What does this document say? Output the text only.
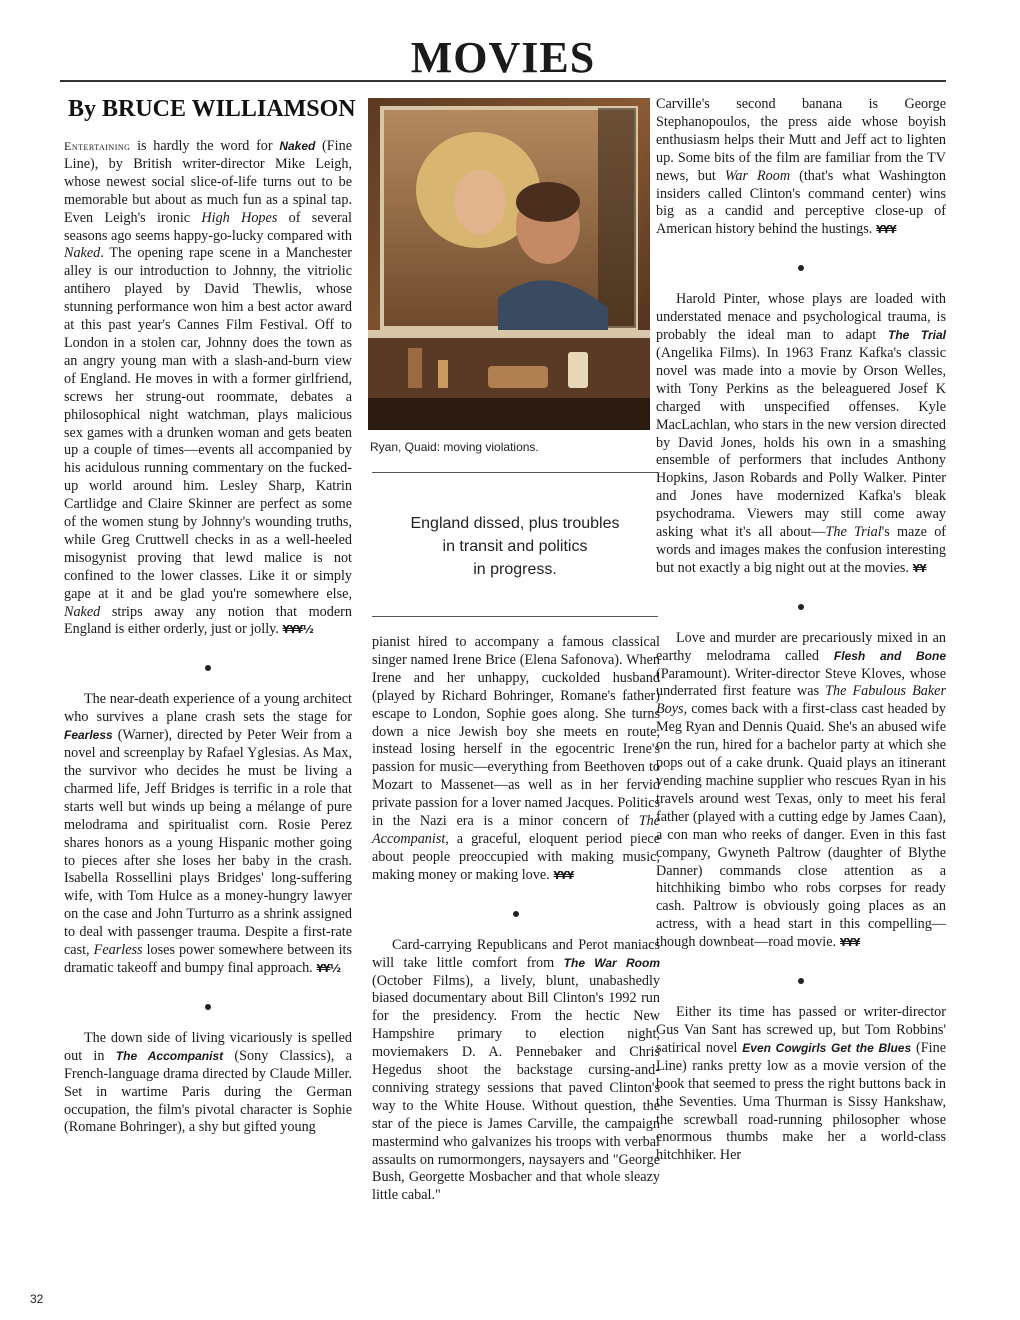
MOVIES
By BRUCE WILLIAMSON

Entertaining is hardly the word for Naked (Fine Line), by British writer-director Mike Leigh, whose newest social slice-of-life turns out to be memorable but about as much fun as a spinal tap. Even Leigh's ironic High Hopes of several seasons ago seems happy-go-lucky compared with Naked. The opening rape scene in a Manchester alley is our introduction to Johnny, the vitriolic antihero played by David Thewlis, whose stunning performance won him a best actor award at this past year's Cannes Film Festival. Off to London in a stolen car, Johnny does the town as an angry young man with a slash-and-burn view of England. He moves in with a former girlfriend, screws her strung-out roommate, debates a philosophical night watchman, plays malicious sex games with a drunken woman and gets beaten up a couple of times—events all accompanied by his acidulous running commentary on the fucked-up world around him. Lesley Sharp, Katrin Cartlidge and Claire Skinner are perfect as some of the women stung by Johnny's wounding truths, while Greg Cruttwell checks in as a well-heeled misogynist proving that lewd malice is not confined to the lower classes. Like it or simply gape at it and be glad you're somewhere else, Naked strips away any notion that modern England is either orderly, just or jolly. ¥¥¥½

The near-death experience of a young architect who survives a plane crash sets the stage for Fearless (Warner), directed by Peter Weir from a novel and screenplay by Rafael Yglesias. As Max, the survivor who decides he must be living a charmed life, Jeff Bridges is terrific in a role that starts well but winds up being a mélange of pure melodrama and spiritualist corn. Rosie Perez shares honors as a young Hispanic mother going to pieces after she loses her baby in the crash. Isabella Rossellini plays Bridges' long-suffering wife, with Tom Hulce as a money-hungry lawyer on the case and John Turturro as a shrink assigned to deal with passenger trauma. Despite a first-rate cast, Fearless loses power somewhere between its dramatic takeoff and bumpy final approach. ¥¥½

The down side of living vicariously is spelled out in The Accompanist (Sony Classics), a French-language drama directed by Claude Miller. Set in wartime Paris during the German occupation, the film's pivotal character is Sophie (Romane Bohringer), a shy but gifted young

Ryan, Quaid: moving violations.
England dissed, plus troubles
in transit and politics
in progress.

pianist hired to accompany a famous classical singer named Irene Brice (Elena Safonova). When Irene and her unhappy, cuckolded husband (played by Richard Bohringer, Romane's father) escape to London, Sophie goes along. She turns down a nice Jewish boy she meets en route, instead losing herself in the egocentric Irene's passion for music—everything from Beethoven to Mozart to Massenet—as well as in her fervid private passion for a lover named Jacques. Politics in the Nazi era is a minor concern of The Accompanist, a graceful, eloquent period piece about people preoccupied with making music, making money or making love. ¥¥¥

Card-carrying Republicans and Perot maniacs will take little comfort from The War Room (October Films), a lively, blunt, unabashedly biased documentary about Bill Clinton's 1992 run for the presidency. From the hectic New Hampshire primary to election night, moviemakers D. A. Pennebaker and Chris Hegedus shoot the backstage cursing-and-conniving strategy sessions that paved Clinton's way to the White House. Without question, the star of the piece is James Carville, the campaign mastermind who galvanizes his troops with verbal assaults on rumormongers, naysayers and "George Bush, Georgette Mosbacher and that whole sleazy little cabal."

Carville's second banana is George Stephanopoulos, the press aide whose boyish enthusiasm helps their Mutt and Jeff act to lighten up. Some bits of the film are familiar from the TV news, but War Room (that's what Washington insiders called Clinton's command center) wins big as a candid and perceptive close-up of American history behind the hustings. ¥¥¥

Harold Pinter, whose plays are loaded with understated menace and psychological trauma, is probably the ideal man to adapt The Trial (Angelika Films). In 1963 Franz Kafka's classic novel was made into a movie by Orson Welles, with Tony Perkins as the beleaguered Josef K charged with unspecified offenses. Kyle MacLachlan, who stars in the new version directed by David Jones, holds his own in a smashing ensemble of performers that includes Anthony Hopkins, Jason Robards and Polly Walker. Pinter and Jones have modernized Kafka's bleak psychodrama. Viewers may still come away asking what it's all about—The Trial's maze of words and images makes the confusion interesting but not exactly a big night out at the movies. ¥¥

Love and murder are precariously mixed in an earthy melodrama called Flesh and Bone (Paramount). Writer-director Steve Kloves, whose underrated first feature was The Fabulous Baker Boys, comes back with a first-class cast headed by Meg Ryan and Dennis Quaid. She's an abused wife on the run, hired for a bachelor party at which she pops out of a cake drunk. Quaid plays an itinerant vending machine supplier who rescues Ryan in his travels around west Texas, only to meet his feral father (played with a cutting edge by James Caan), a con man who reeks of danger. Even in this fast company, Gwyneth Paltrow (daughter of Blythe Danner) commands close attention as a hitchhiking bimbo who robs corpses for ready cash. Paltrow is obviously going places as an actress, with a head start in this compelling—though downbeat—road movie. ¥¥¥

Either its time has passed or writer-director Gus Van Sant has screwed up, but Tom Robbins' satirical novel Even Cowgirls Get the Blues (Fine Line) ranks pretty low as a movie version of the book that seemed to press the right buttons back in the Seventies. Uma Thurman is Sissy Hankshaw, the screwball road-running philosopher whose enormous thumbs make her a world-class hitchhiker. Her

32
